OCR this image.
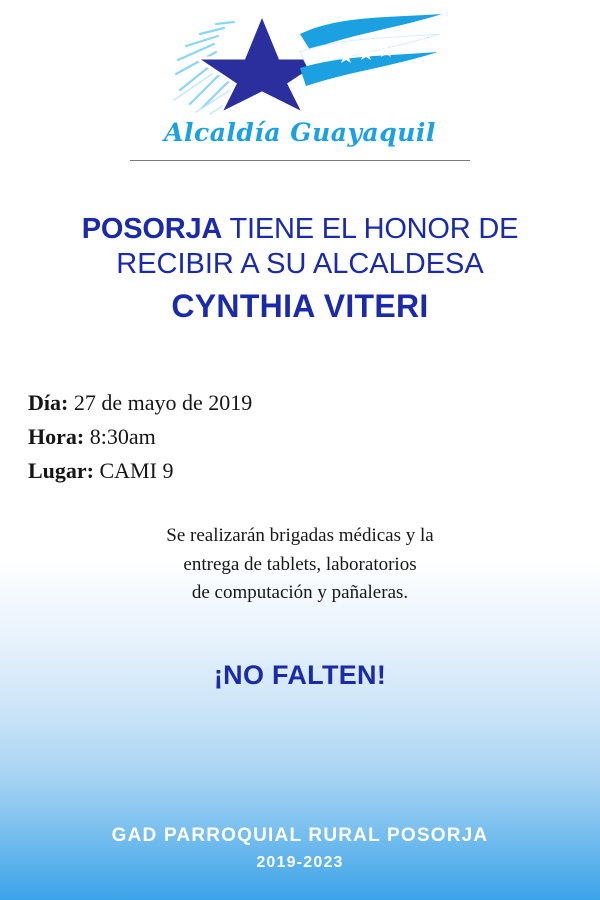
Alcaldía Guayaquil
POSORJA TIENE EL HONOR DE
RECIBIR A SU ALCALDESA
CYNTHIA VITERI
Día: 27 de mayo de 2019
Hora: 8:30am
Lugar: CAMI 9
Se realizarán brigadas médicas y la
entrega de tablets, laboratorios
de computación y pañaleras.
¡NO FALTEN!
GAD PARROQUIAL RURAL POSORJA
2019-2023
